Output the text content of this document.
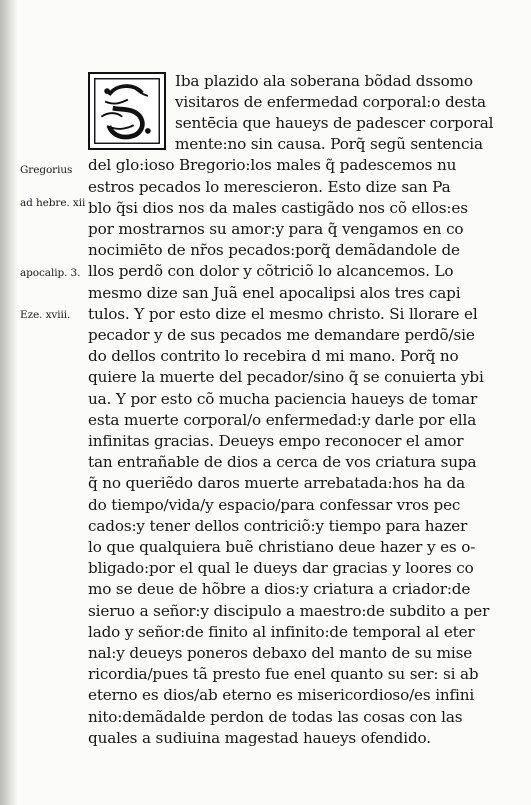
Iba plazido ala soberana bõdad dssomo
visitaros de enfermedad corporal:o desta
sentēcia que haueys de padescer corporal
mente:no sin causa. Porq̃ segũ sentencia
del glo:ioso Bregorio:los males q̃ padescemos nu
estros pecados lo merescieron. Esto dize san Pa
blo q̃si dios nos da males castigãdo nos cõ ellos:es
por mostrarnos su amor:y para q̃ vengamos en co
nocimiēto de nr̃os pecados:porq̃ demãdandole de
llos perdõ con dolor y cõtriciõ lo alcancemos. Lo
mesmo dize san Juã enel apocalipsi alos tres capi
tulos. Y por esto dize el mesmo christo. Si llorare el
pecador y de sus pecados me demandare perdõ/sie
do dellos contrito lo recebira d mi mano. Porq̃ no
quiere la muerte del pecador/sino q̃ se conuierta ybi
ua. Y por esto cõ mucha paciencia haueys de tomar
esta muerte corporal/o enfermedad:y darle por ella
infinitas gracias. Deueys empo reconocer el amor
tan entrañable de dios a cerca de vos criatura supa
q̃ no queriẽdo daros muerte arrebatada:hos ha da
do tiempo/vida/y espacio/para confessar vros pec
cados:y tener dellos contriciõ:y tiempo para hazer
lo que qualquiera buẽ christiano deue hazer y es o-
bligado:por el qual le dueys dar gracias y loores co
mo se deue de hõbre a dios:y criatura a criador:de
sieruo a señor:y discipulo a maestro:de subdito a per
lado y señor:de finito al infinito:de temporal al eter
nal:y deueys poneros debaxo del manto de su mise
ricordia/pues tã presto fue enel quanto su ser: si ab
eterno es dios/ab eterno es misericordioso/es infini
nito:demãdalde perdon de todas las cosas con las
quales a sudiuina magestad haueys ofendido.
Gregorius
ad hebre. xii
apocalip. 3.
Eze. xviii.
